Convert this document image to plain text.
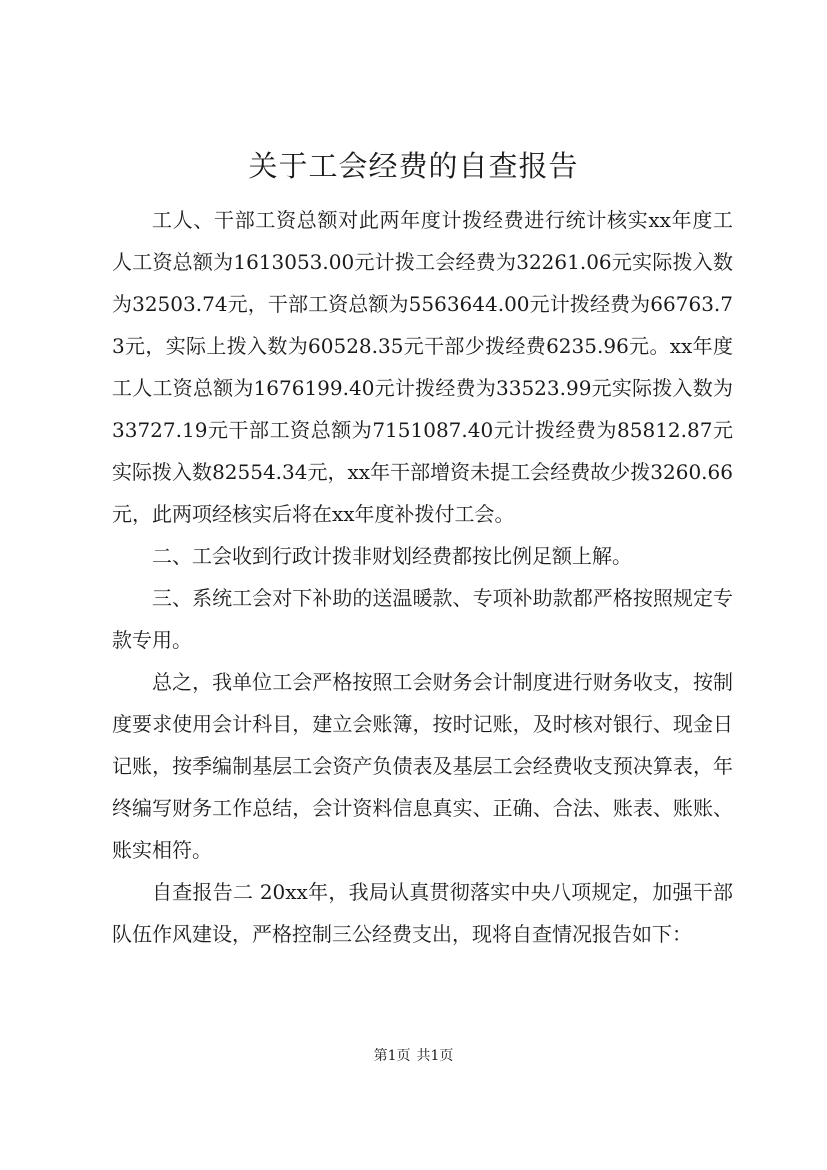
关于工会经费的自查报告

工人、干部工资总额对此两年度计拨经费进行统计核实xx年度工人工资总额为1613053.00元计拨工会经费为32261.06元实际拨入数为32503.74元，干部工资总额为5563644.00元计拨经费为66763.73元，实际上拨入数为60528.35元干部少拨经费6235.96元。xx年度工人工资总额为1676199.40元计拨经费为33523.99元实际拨入数为33727.19元干部工资总额为7151087.40元计拨经费为85812.87元实际拨入数82554.34元，xx年干部增资未提工会经费故少拨3260.66元，此两项经核实后将在xx年度补拨付工会。

二、工会收到行政计拨非财划经费都按比例足额上解。

三、系统工会对下补助的送温暖款、专项补助款都严格按照规定专款专用。

总之，我单位工会严格按照工会财务会计制度进行财务收支，按制度要求使用会计科目，建立会账簿，按时记账，及时核对银行、现金日记账，按季编制基层工会资产负债表及基层工会经费收支预决算表，年终编写财务工作总结，会计资料信息真实、正确、合法、账表、账账、账实相符。

自查报告二 20xx年，我局认真贯彻落实中央八项规定，加强干部队伍作风建设，严格控制三公经费支出，现将自查情况报告如下：

第1页 共1页
